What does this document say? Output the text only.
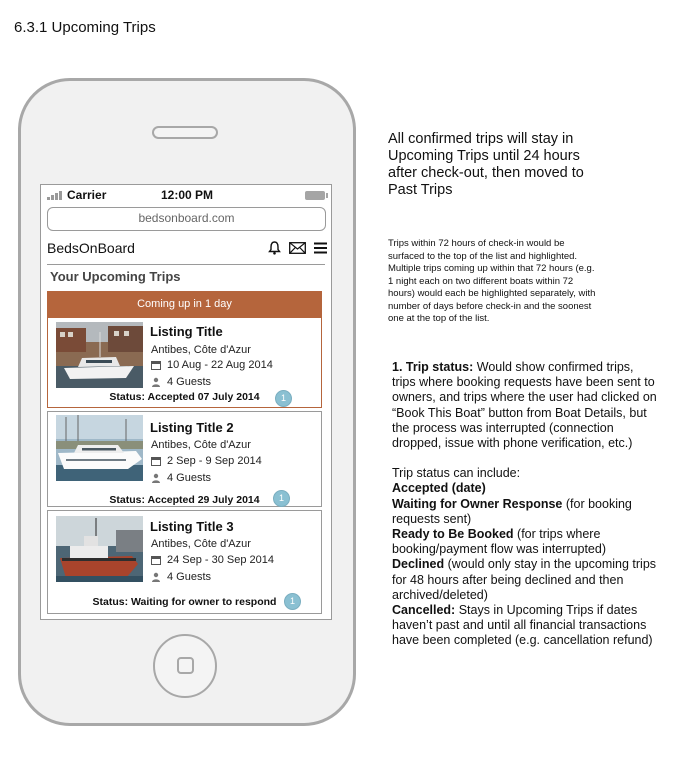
6.3.1 Upcoming Trips
Carrier	12:00 PM
bedsonboard.com
BedsOnBoard
Your Upcoming Trips
Coming up in 1 day
Listing Title
Antibes, Côte d'Azur
10 Aug - 22 Aug 2014
4 Guests
Status: Accepted 07 July 2014	1
Listing Title 2
Antibes, Côte d'Azur
2 Sep - 9 Sep 2014
4 Guests
Status: Accepted 29 July 2014	1
Listing Title 3
Antibes, Côte d'Azur
24 Sep - 30 Sep 2014
4 Guests
Status: Waiting for owner to respond	1
All confirmed trips will stay in Upcoming Trips until 24 hours after check-out, then moved to Past Trips
Trips within 72 hours of check-in would be surfaced to the top of the list and highlighted. Multiple trips coming up within that 72 hours (e.g. 1 night each on two different boats within 72 hours) would each be highlighted separately, with number of days before check-in and the soonest one at the top of the list.

1. Trip status: Would show confirmed trips, trips where booking requests have been sent to owners, and trips where the user had clicked on “Book This Boat” button from Boat Details, but the process was interrupted (connection dropped, issue with phone verification, etc.)

Trip status can include:

Accepted (date)

Waiting for Owner Response (for booking requests sent)

Ready to Be Booked (for trips where booking/payment flow was interrupted)

Declined (would only stay in the upcoming trips for 48 hours after being declined and then archived/deleted)

Cancelled: Stays in Upcoming Trips if dates haven’t past and until all financial transactions have been completed (e.g. cancellation refund)
